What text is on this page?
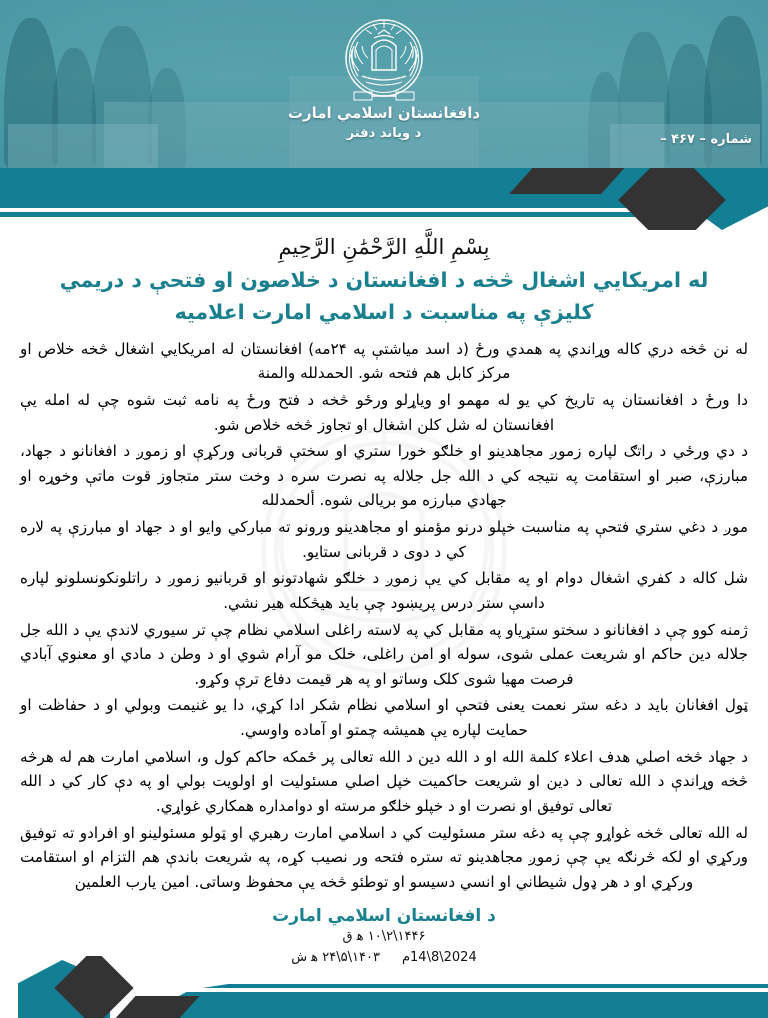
دافغانستان اسلامي امارت
د وياند دفتر	شماره – ۴۶۷ –
بِسْمِ اللَّهِ الرَّحْمَٰنِ الرَّحِيمِ
له امریکایي اشغال څخه د افغانستان د خلاصون او فتحې د دریمي کلیزې په مناسبت د اسلامي امارت اعلامیه
له نن څخه دري کاله وړاندي په همدي ورځ (د اسد میاشتې په ۲۴مه) افغانستان له امریکایي اشغال څخه خلاص او مرکز کابل هم فتحه شو. الحمدلله والمنة
دا ورځ د افغانستان په تاریخ کي یو له مهمو او ویاړلو ورځو څخه د فتح ورځ په نامه ثبت شوه چې له امله یې افغانستان له شل کلن اشغال او تجاوز څخه خلاص شو.
د دي ورځي د راتګ لپاره زموږ مجاهدینو او خلګو خورا ستري او سختې قربانی ورکړې او زموږ د افغانانو د جهاد، مبارزې، صبر او استقامت په نتیجه کي د الله جل جلاله په نصرت سره د وخت ستر متجاوز قوت ماتې وخوړه او جهادي مبارزه مو بریالی شوه. ألحمدلله
موږ د دغي ستري فتحې په مناسبت خپلو درنو مؤمنو او مجاهدینو ورونو ته مبارکي وایو او د جهاد او مبارزې په لاره کي د دوی د قربانی ستایو.
شل کاله د کفري اشغال دوام او په مقابل کي یې زموږ د خلګو شهادتونو او قربانیو زموږ د راتلونکونسلونو لپاره داسې ستر درس پریښود چې باید هیڅکله هیر نشي.
ژمنه کوو چې د افغانانو د سختو ستړیاو په مقابل کي په لاسته راغلی اسلامي نظام چې تر سیوري لاندې یې د الله جل جلاله دین حاکم او شریعت عملی شوی، سوله او امن راغلی، خلک مو آرام شوي او د وطن د مادي او معنوي آبادي فرصت مهیا شوی کلک وساتو او په هر قیمت دفاع ترې وکړو.
ټول افغانان باید د دغه ستر نعمت یعنی فتحې او اسلامي نظام شکر ادا کړي، دا یو غنیمت وبولي او د حفاظت او حمایت لپاره یې همیشه چمتو او آماده واوسي.
د جهاد څخه اصلي هدف اعلاء کلمة الله او د الله دین د الله تعالی پر ځمکه حاکم کول و، اسلامي امارت هم له هرڅه څخه وړاندې د الله تعالی د دین او شریعت حاکمیت خپل اصلي مسئولیت او اولویت بولي او په دې کار کي د الله تعالی توفیق او نصرت او د خپلو خلګو مرسته او دوامداره همکاري غواړي.
له الله تعالی څخه غواړو چې په دغه ستر مسئولیت کي د اسلامي امارت رهبري او ټولو مسئولینو او افرادو ته توفیق ورکړي او لکه څرنګه یې چې زموږ مجاهدینو ته ستره فتحه ور نصیب کړه، په شریعت باندې هم التزام او استقامت ورکړي او د هر ډول شیطاني او انسي دسیسو او توطئو څخه یې محفوظ وساتی. امین یارب العلمین
د افغانستان اسلامي امارت
۱۴۴۶\۲\۱۰ ه‍ ق
2024\8\14م۱۴۰۳\۵\۲۴ ه‍ ش
